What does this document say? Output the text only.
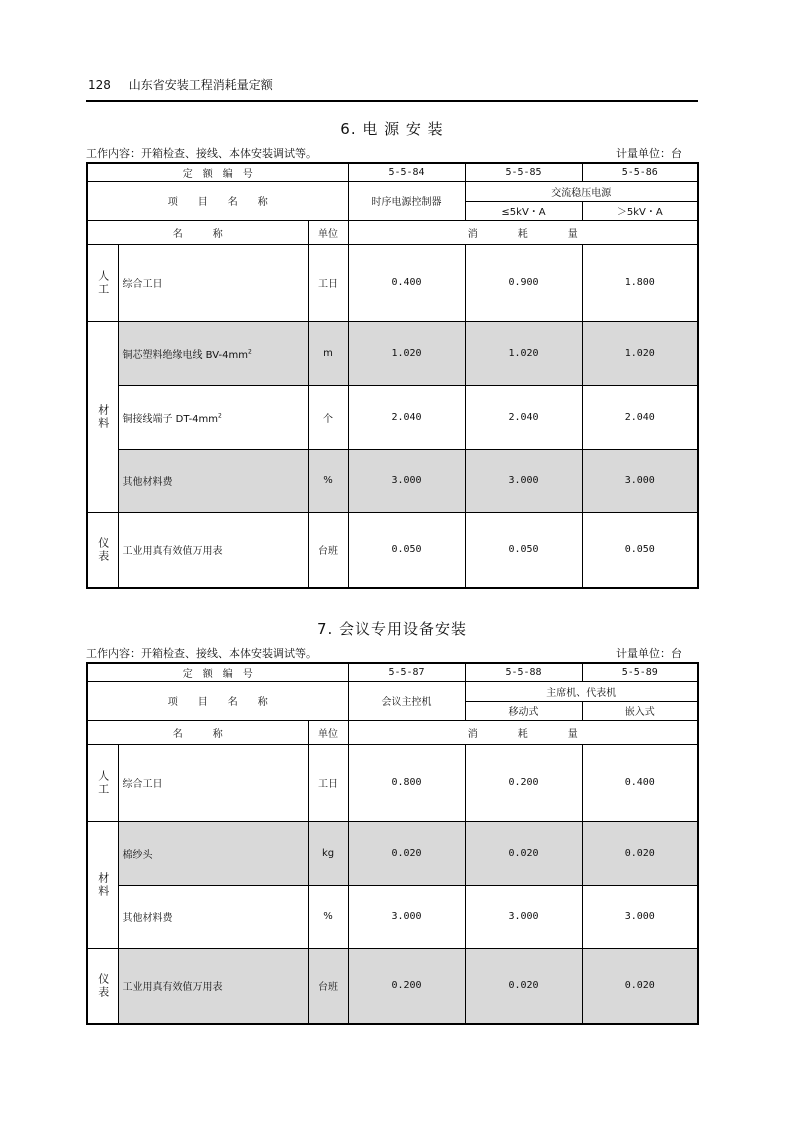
128 山东省安装工程消耗量定额
6. 电 源 安 装
工作内容：开箱检查、接线、本体安装调试等。	计量单位：台
定　额　编　号			5-5-84	5-5-85	5-5-86
项　　目　　名　　称			时序电源控制器	交流稳压电源	
				≤5kV・A	＞5kV・A
名　　　称		单位	消　　　　耗　　　　量		
人工	综合工日	工日	0.400	0.900	1.800
材料	铜芯塑料绝缘电线 $BV-4mm^2$	m	1.020	1.020	1.020
	铜接线端子 $DT-4mm^2$	个	2.040	2.040	2.040
	其他材料费	%	3.000	3.000	3.000
仪表	工业用真有效值万用表	台班	0.050	0.050	0.050
7. 会议专用设备安装
工作内容：开箱检查、接线、本体安装调试等。	计量单位：台
定　额　编　号			5-5-87	5-5-88	5-5-89
项　　目　　名　　称			会议主控机	主席机、代表机	
				移动式	嵌入式
名　　　称		单位	消　　　　耗　　　　量		
人工	综合工日	工日	0.800	0.200	0.400
材料	棉纱头	kg	0.020	0.020	0.020
	其他材料费	%	3.000	3.000	3.000
仪表	工业用真有效值万用表	台班	0.200	0.020	0.020
